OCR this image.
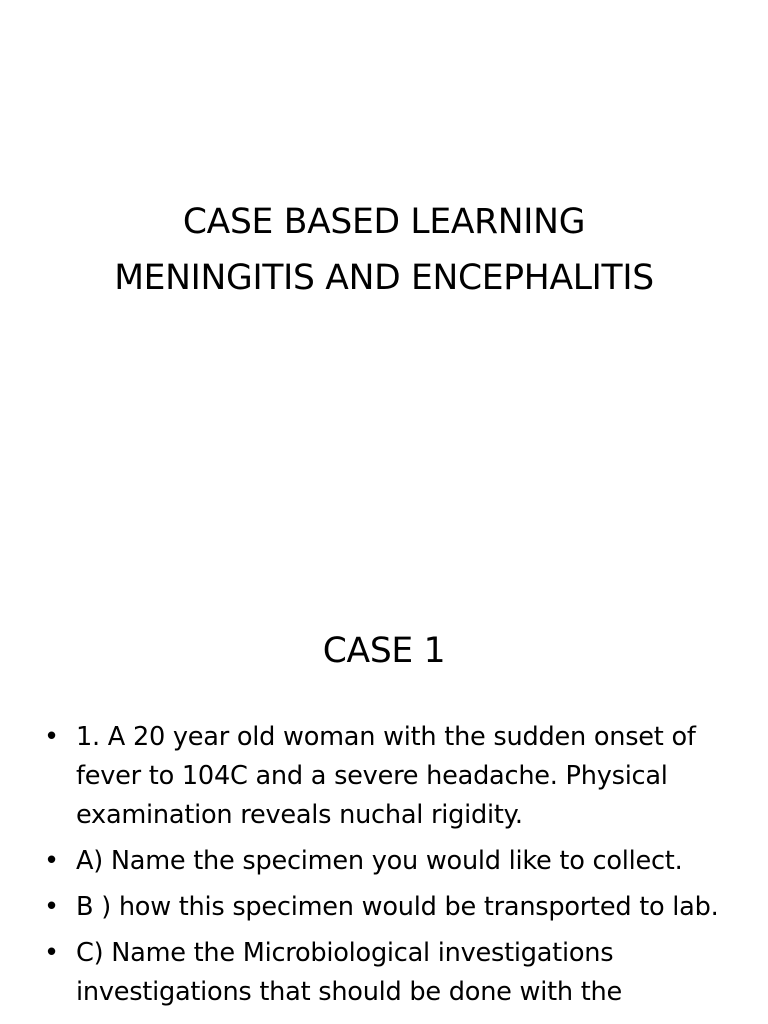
CASE BASED LEARNING
MENINGITIS AND ENCEPHALITIS
CASE 1
• 1. A 20 year old woman with the sudden onset of fever to 104C and a severe headache. Physical examination reveals nuchal rigidity.
• A) Name the specimen you would like to collect.
• B ) how this specimen would be transported to lab.
• C) Name the Microbiological investigations investigations that should be done with the
